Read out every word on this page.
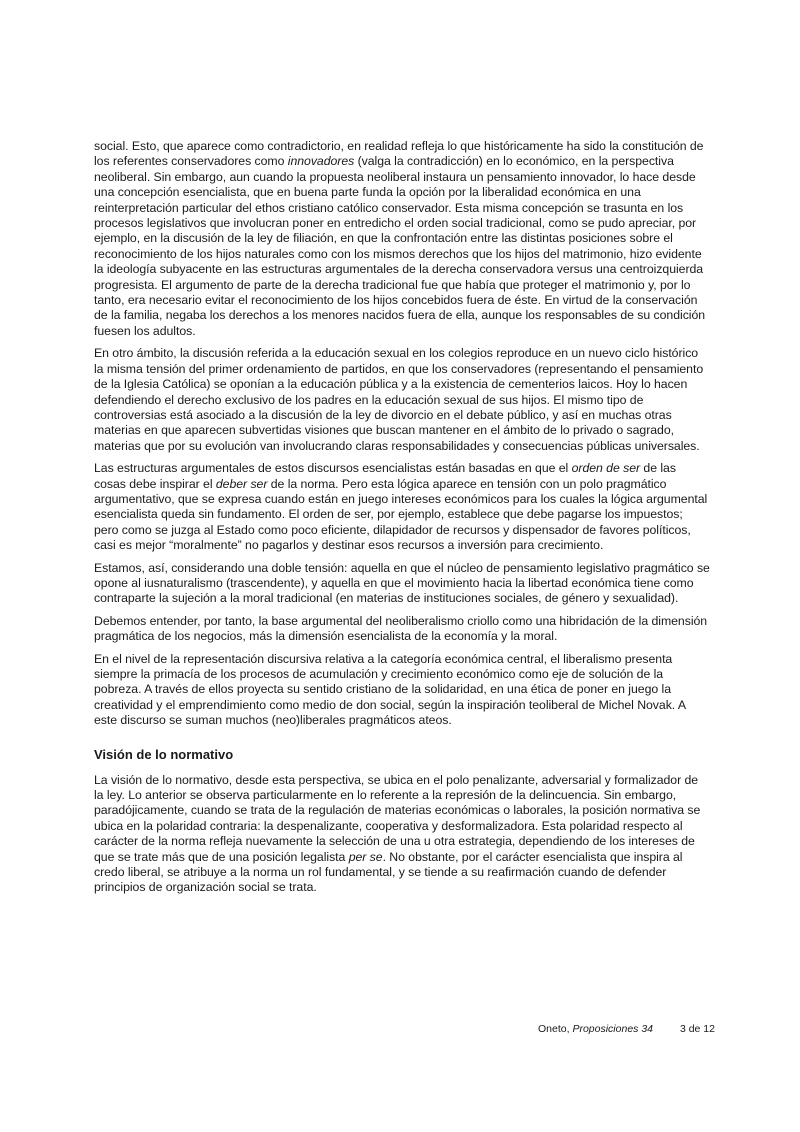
social. Esto, que aparece como contradictorio, en realidad refleja lo que históricamente ha sido la constitución de los referentes conservadores como innovadores (valga la contradicción) en lo económico, en la perspectiva neoliberal. Sin embargo, aun cuando la propuesta neoliberal instaura un pensamiento innovador, lo hace desde una concepción esencialista, que en buena parte funda la opción por la liberalidad económica en una reinterpretación particular del ethos cristiano católico conservador. Esta misma concepción se trasunta en los procesos legislativos que involucran poner en entredicho el orden social tradicional, como se pudo apreciar, por ejemplo, en la discusión de la ley de filiación, en que la confrontación entre las distintas posiciones sobre el reconocimiento de los hijos naturales como con los mismos derechos que los hijos del matrimonio, hizo evidente la ideología subyacente en las estructuras argumentales de la derecha conservadora versus una centroizquierda progresista. El argumento de parte de la derecha tradicional fue que había que proteger el matrimonio y, por lo tanto, era necesario evitar el reconocimiento de los hijos concebidos fuera de éste. En virtud de la conservación de la familia, negaba los derechos a los menores nacidos fuera de ella, aunque los responsables de su condición fuesen los adultos.

En otro ámbito, la discusión referida a la educación sexual en los colegios reproduce en un nuevo ciclo histórico la misma tensión del primer ordenamiento de partidos, en que los conservadores (representando el pensamiento de la Iglesia Católica) se oponían a la educación pública y a la existencia de cementerios laicos. Hoy lo hacen defendiendo el derecho exclusivo de los padres en la educación sexual de sus hijos. El mismo tipo de controversias está asociado a la discusión de la ley de divorcio en el debate público, y así en muchas otras materias en que aparecen subvertidas visiones que buscan mantener en el ámbito de lo privado o sagrado, materias que por su evolución van involucrando claras responsabilidades y consecuencias públicas universales.

Las estructuras argumentales de estos discursos esencialistas están basadas en que el orden de ser de las cosas debe inspirar el deber ser de la norma. Pero esta lógica aparece en tensión con un polo pragmático argumentativo, que se expresa cuando están en juego intereses económicos para los cuales la lógica argumental esencialista queda sin fundamento. El orden de ser, por ejemplo, establece que debe pagarse los impuestos; pero como se juzga al Estado como poco eficiente, dilapidador de recursos y dispensador de favores políticos, casi es mejor “moralmente” no pagarlos y destinar esos recursos a inversión para crecimiento.

Estamos, así, considerando una doble tensión: aquella en que el núcleo de pensamiento legislativo pragmático se opone al iusnaturalismo (trascendente), y aquella en que el movimiento hacia la libertad económica tiene como contraparte la sujeción a la moral tradicional (en materias de instituciones sociales, de género y sexualidad).

Debemos entender, por tanto, la base argumental del neoliberalismo criollo como una hibridación de la dimensión pragmática de los negocios, más la dimensión esencialista de la economía y la moral.

En el nivel de la representación discursiva relativa a la categoría económica central, el liberalismo presenta siempre la primacía de los procesos de acumulación y crecimiento económico como eje de solución de la pobreza. A través de ellos proyecta su sentido cristiano de la solidaridad, en una ética de poner en juego la creatividad y el emprendimiento como medio de don social, según la inspiración teoliberal de Michel Novak. A este discurso se suman muchos (neo)liberales pragmáticos ateos.

Visión de lo normativo

La visión de lo normativo, desde esta perspectiva, se ubica en el polo penalizante, adversarial y formalizador de la ley. Lo anterior se observa particularmente en lo referente a la represión de la delincuencia. Sin embargo, paradójicamente, cuando se trata de la regulación de materias económicas o laborales, la posición normativa se ubica en la polaridad contraria: la despenalizante, cooperativa y desformalizadora. Esta polaridad respecto al carácter de la norma refleja nuevamente la selección de una u otra estrategia, dependiendo de los intereses de que se trate más que de una posición legalista per se. No obstante, por el carácter esencialista que inspira al credo liberal, se atribuye a la norma un rol fundamental, y se tiende a su reafirmación cuando de defender principios de organización social se trata.

Oneto, Proposiciones 34	3 de 12
